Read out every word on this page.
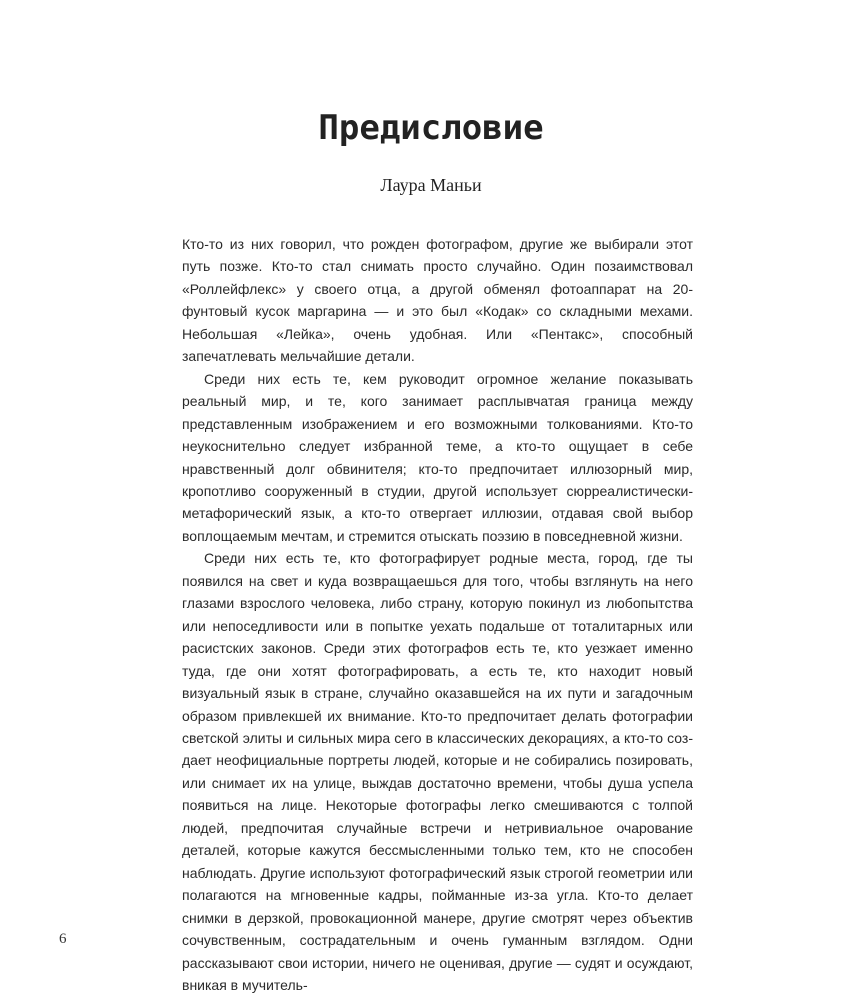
Предисловие

Лаура Маньи

Кто-то из них говорил, что рожден фотографом, другие же выбирали этот путь позже. Кто-то стал снимать просто случайно. Один позаимствовал «Роллейфлекс» у своего отца, а другой обменял фотоаппарат на 20-фунтовый кусок маргарина — и это был «Кодак» со складными мехами. Небольшая «Лейка», очень удобная. Или «Пентакс», способный запечатлевать мельчайшие детали.

Среди них есть те, кем руководит огромное желание показывать реальный мир, и те, кого занимает расплывчатая граница между представленным изображением и его возможными толкованиями. Кто-то неукоснительно следует избранной теме, а кто-то ощущает в себе нравственный долг обвинителя; кто-то предпочитает иллюзорный мир, кропотливо сооруженный в студии, другой использует сюрреалистически-метафорический язык, а кто-то отвергает иллюзии, отдавая свой выбор воплощаемым мечтам, и стремится отыскать поэзию в повседневной жизни.

Среди них есть те, кто фотографирует родные места, город, где ты появился на свет и куда возвращаешься для того, чтобы взглянуть на него глазами взрослого человека, либо страну, которую покинул из любопытства или непоседливости или в попытке уехать подальше от тоталитарных или расистских законов. Среди этих фотографов есть те, кто уезжает именно туда, где они хотят фотографировать, а есть те, кто находит новый визуальный язык в стране, случайно оказавшейся на их пути и загадочным образом привлекшей их внимание. Кто-то предпочитает делать фотографии светской элиты и сильных мира сего в классических декорациях, а кто-то создает неофициальные портреты людей, которые и не собирались позировать, или снимает их на улице, выждав достаточно времени, чтобы душа успела появиться на лице. Некоторые фотографы легко смешиваются с толпой людей, предпочитая случайные встречи и нетривиальное очарование деталей, которые кажутся бессмысленными только тем, кто не способен наблюдать. Другие используют фотографический язык строгой геометрии или полагаются на мгновенные кадры, пойманные из-за угла. Кто-то делает снимки в дерзкой, провокационной манере, другие смотрят через объектив сочувственным, сострадательным и очень гуманным взглядом. Одни рассказывают свои истории, ничего не оценивая, другие — судят и осуждают, вникая в мучитель-

6
